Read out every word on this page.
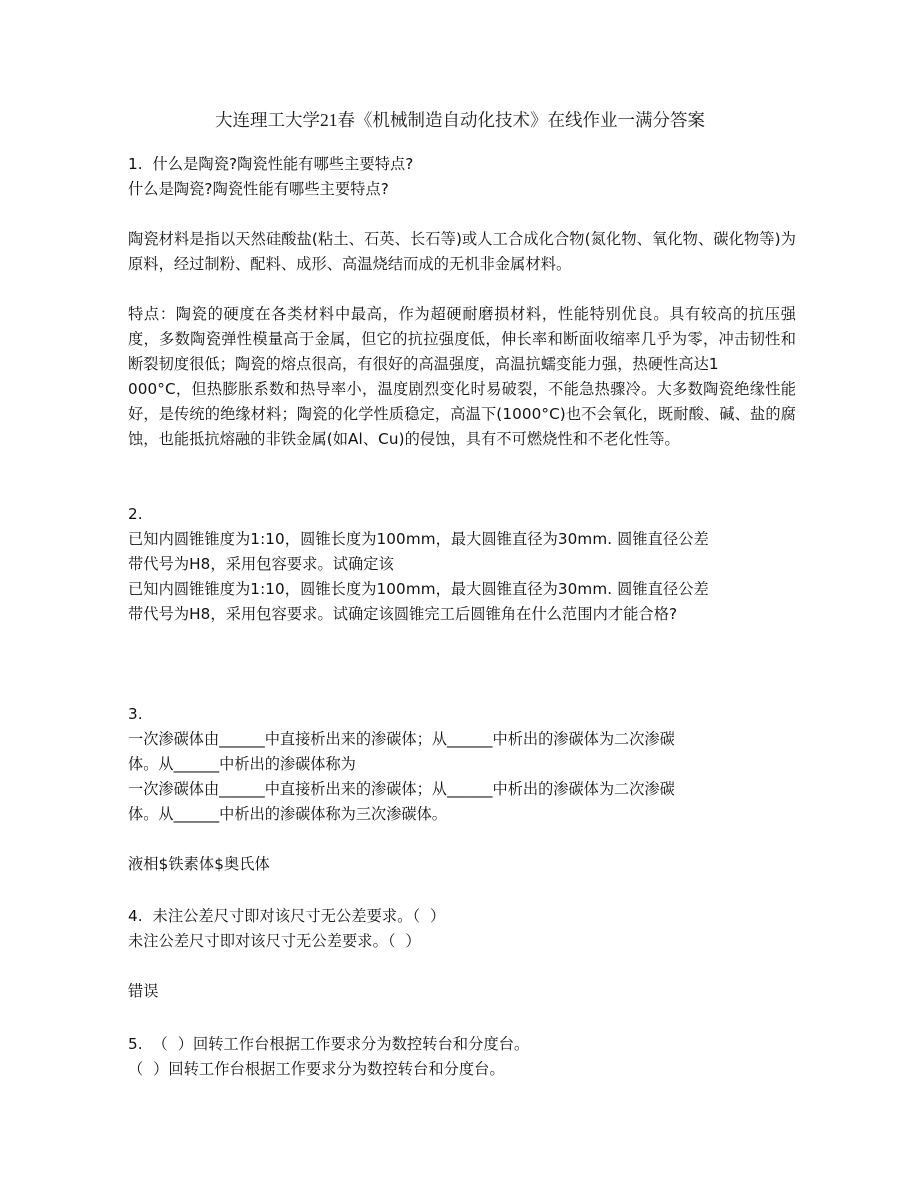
大连理工大学21春《机械制造自动化技术》在线作业一满分答案
1.  什么是陶瓷?陶瓷性能有哪些主要特点?
什么是陶瓷?陶瓷性能有哪些主要特点?
陶瓷材料是指以天然硅酸盐(粘土、石英、长石等)或人工合成化合物(氮化物、氧化物、碳化物等)为原料，经过制粉、配料、成形、高温烧结而成的无机非金属材料。
特点：陶瓷的硬度在各类材料中最高，作为超硬耐磨损材料，性能特别优良。具有较高的抗压强度，多数陶瓷弹性模量高于金属，但它的抗拉强度低，伸长率和断面收缩率几乎为零，冲击韧性和断裂韧度很低；陶瓷的熔点很高，有很好的高温强度，高温抗蠕变能力强，热硬性高达1
000°C，但热膨胀系数和热导率小，温度剧烈变化时易破裂，不能急热骤冷。大多数陶瓷绝缘性能好，是传统的绝缘材料；陶瓷的化学性质稳定，高温下(1000°C)也不会氧化，既耐酸、碱、盐的腐蚀，也能抵抗熔融的非铁金属(如Al、Cu)的侵蚀，具有不可燃烧性和不老化性等。
2.
已知内圆锥锥度为1:10，圆锥长度为100mm，最大圆锥直径为30mm. 圆锥直径公差
带代号为H8，采用包容要求。试确定该
已知内圆锥锥度为1:10，圆锥长度为100mm，最大圆锥直径为30mm. 圆锥直径公差
带代号为H8，采用包容要求。试确定该圆锥完工后圆锥角在什么范围内才能合格?
3.
一次渗碳体由______中直接析出来的渗碳体；从______中析出的渗碳体为二次渗碳
体。从______中析出的渗碳体称为
一次渗碳体由______中直接析出来的渗碳体；从______中析出的渗碳体为二次渗碳
体。从______中析出的渗碳体称为三次渗碳体。
液相$铁素体$奥氏体
4.  未注公差尺寸即对该尺寸无公差要求。（  ）
未注公差尺寸即对该尺寸无公差要求。（  ）
错误
5.  （  ）回转工作台根据工作要求分为数控转台和分度台。
（  ）回转工作台根据工作要求分为数控转台和分度台。
